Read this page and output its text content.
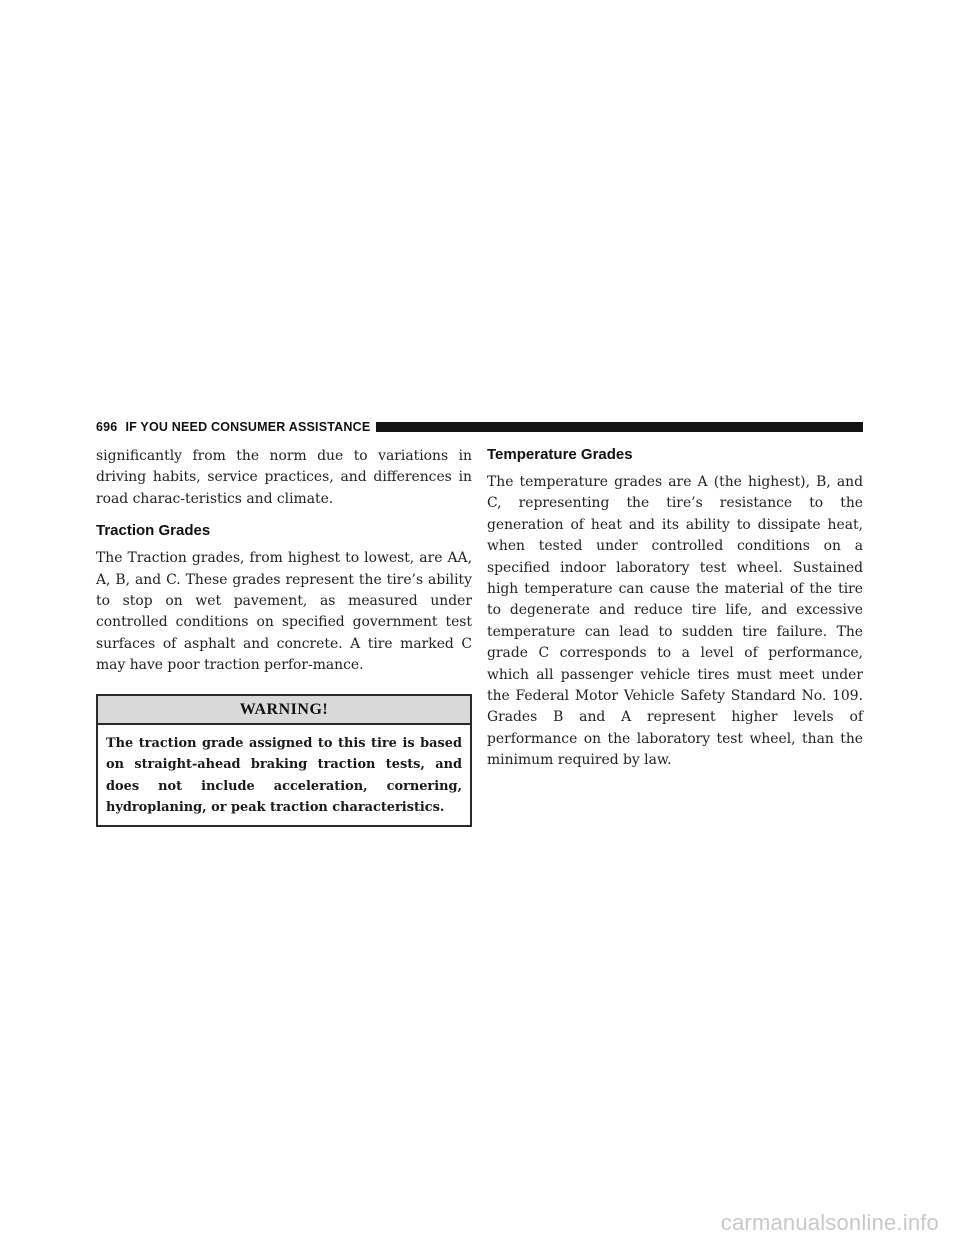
696 IF YOU NEED CONSUMER ASSISTANCE

significantly from the norm due to variations in driving habits, service practices, and differences in road charac-teristics and climate.

Traction Grades

The Traction grades, from highest to lowest, are AA, A, B, and C. These grades represent the tire’s ability to stop on wet pavement, as measured under controlled conditions on specified government test surfaces of asphalt and concrete. A tire marked C may have poor traction perfor-mance.

WARNING!

The traction grade assigned to this tire is based on straight-ahead braking traction tests, and does not include acceleration, cornering, hydroplaning, or peak traction characteristics.

Temperature Grades

The temperature grades are A (the highest), B, and C, representing the tire’s resistance to the generation of heat and its ability to dissipate heat, when tested under controlled conditions on a specified indoor laboratory test wheel. Sustained high temperature can cause the material of the tire to degenerate and reduce tire life, and excessive temperature can lead to sudden tire failure. The grade C corresponds to a level of performance, which all passenger vehicle tires must meet under the Federal Motor Vehicle Safety Standard No. 109. Grades B and A represent higher levels of performance on the laboratory test wheel, than the minimum required by law.

carmanualsonline.info
